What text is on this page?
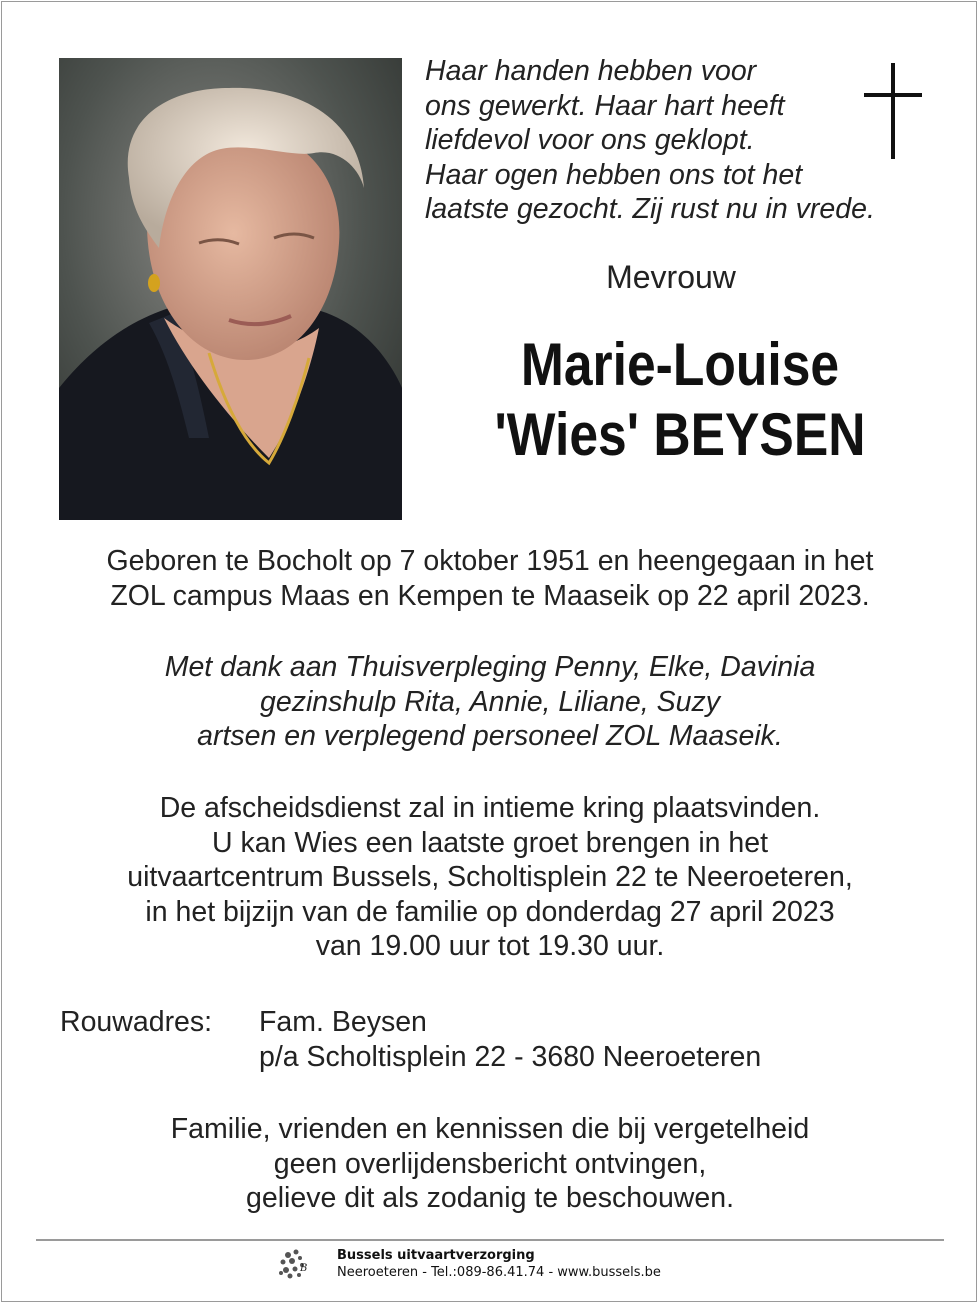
Haar handen hebben voor
ons gewerkt. Haar hart heeft
liefdevol voor ons geklopt.
Haar ogen hebben ons tot het
laatste gezocht. Zij rust nu in vrede.
Mevrouw
Marie-Louise
'Wies' BEYSEN
Geboren te Bocholt op 7 oktober 1951 en heengegaan in het
ZOL campus Maas en Kempen te Maaseik op 22 april 2023.
Met dank aan Thuisverpleging Penny, Elke, Davinia
gezinshulp Rita, Annie, Liliane, Suzy
artsen en verplegend personeel ZOL Maaseik.
De afscheidsdienst zal in intieme kring plaatsvinden.
U kan Wies een laatste groet brengen in het
uitvaartcentrum Bussels, Scholtisplein 22 te Neeroeteren,
in het bijzijn van de familie op donderdag 27 april 2023
van 19.00 uur tot 19.30 uur.
Rouwadres: Fam. Beysen
p/a Scholtisplein 22 - 3680 Neeroeteren
Familie, vrienden en kennissen die bij vergetelheid
geen overlijdensbericht ontvingen,
gelieve dit als zodanig te beschouwen.
B
Bussels uitvaartverzorging
Neeroeteren - Tel.:089-86.41.74 - www.bussels.be
